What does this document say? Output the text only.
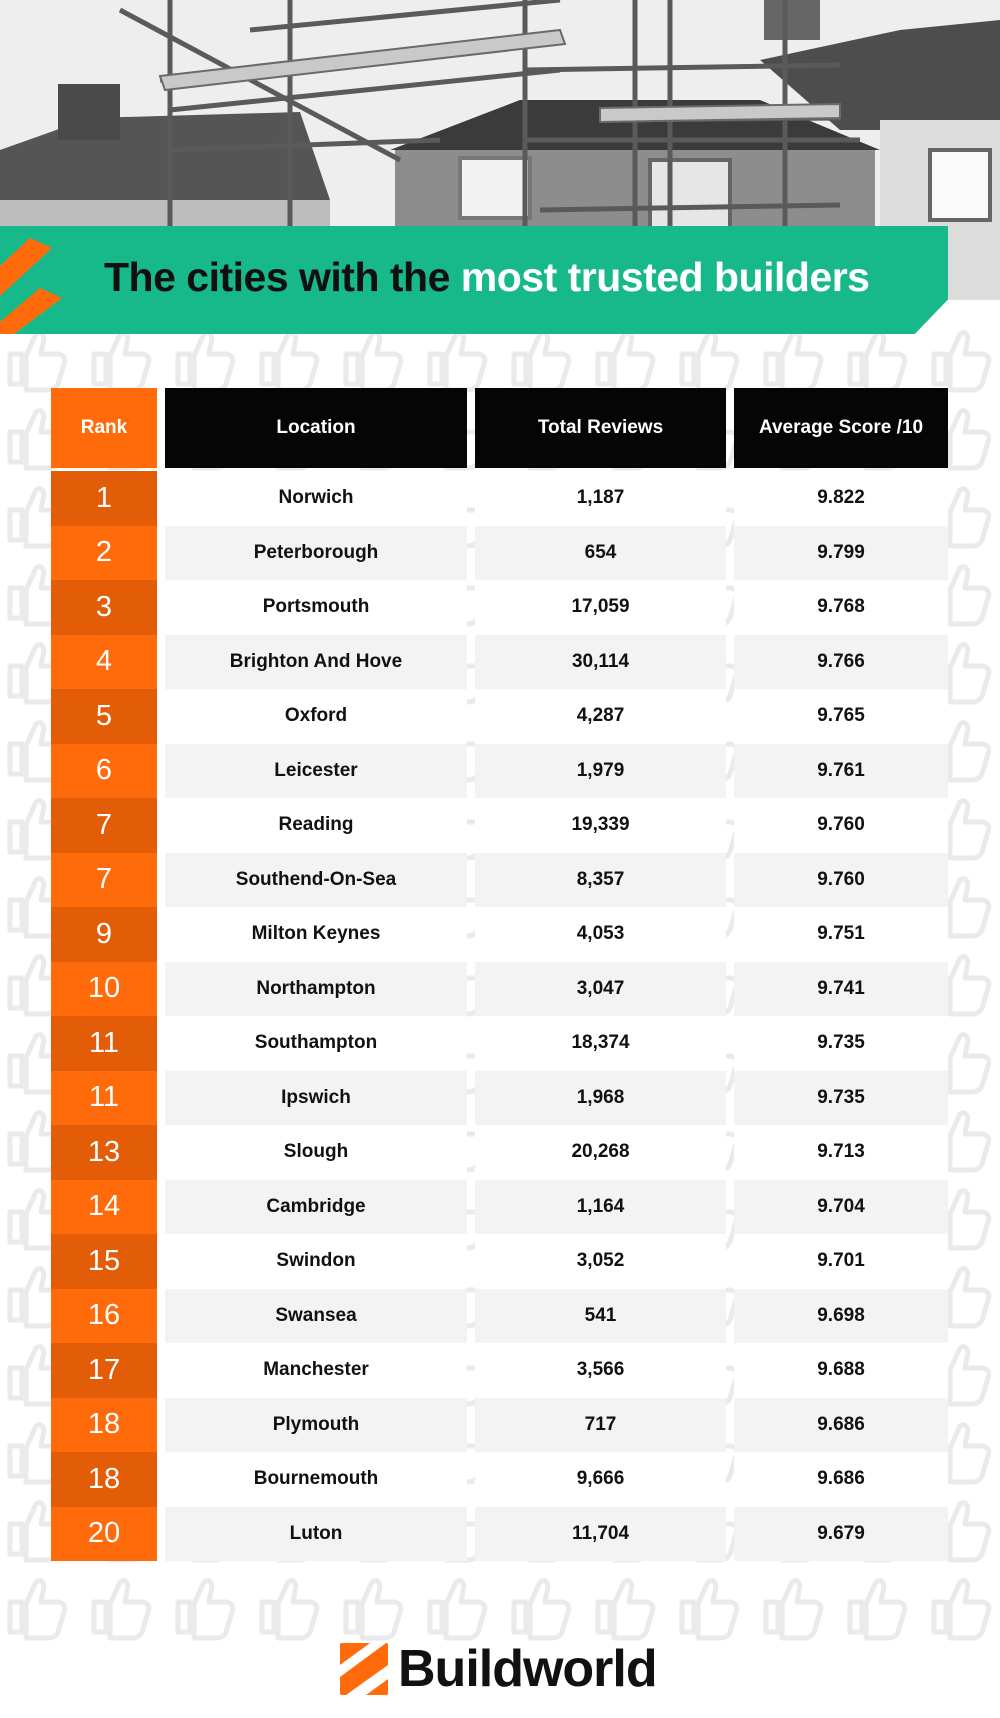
The cities with the most trusted builders
Rank	Location	Total Reviews	Average Score /10
1	Norwich	1,187	9.822
2	Peterborough	654	9.799
3	Portsmouth	17,059	9.768
4	Brighton And Hove	30,114	9.766
5	Oxford	4,287	9.765
6	Leicester	1,979	9.761
7	Reading	19,339	9.760
7	Southend-On-Sea	8,357	9.760
9	Milton Keynes	4,053	9.751
10	Northampton	3,047	9.741
11	Southampton	18,374	9.735
11	Ipswich	1,968	9.735
13	Slough	20,268	9.713
14	Cambridge	1,164	9.704
15	Swindon	3,052	9.701
16	Swansea	541	9.698
17	Manchester	3,566	9.688
18	Plymouth	717	9.686
18	Bournemouth	9,666	9.686
20	Luton	11,704	9.679
Buildworld
